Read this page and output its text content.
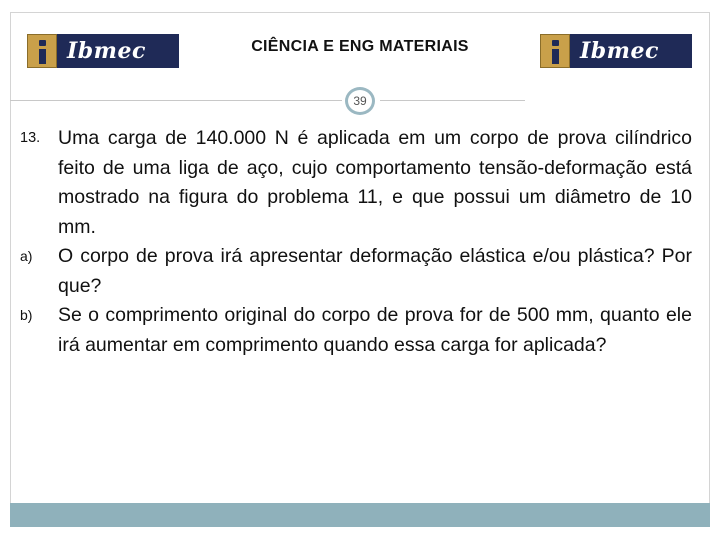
Ibmec	CIÊNCIA E ENG MATERIAIS	Ibmec
39
13. Uma carga de 140.000 N é aplicada em um corpo de prova cilíndrico feito de uma liga de aço, cujo comportamento tensão-deformação está mostrado na figura do problema 11, e que possui um diâmetro de 10 mm.
a) O corpo de prova irá apresentar deformação elástica e/ou plástica? Por que?
b) Se o comprimento original do corpo de prova for de 500 mm, quanto ele irá aumentar em comprimento quando essa carga for aplicada?
